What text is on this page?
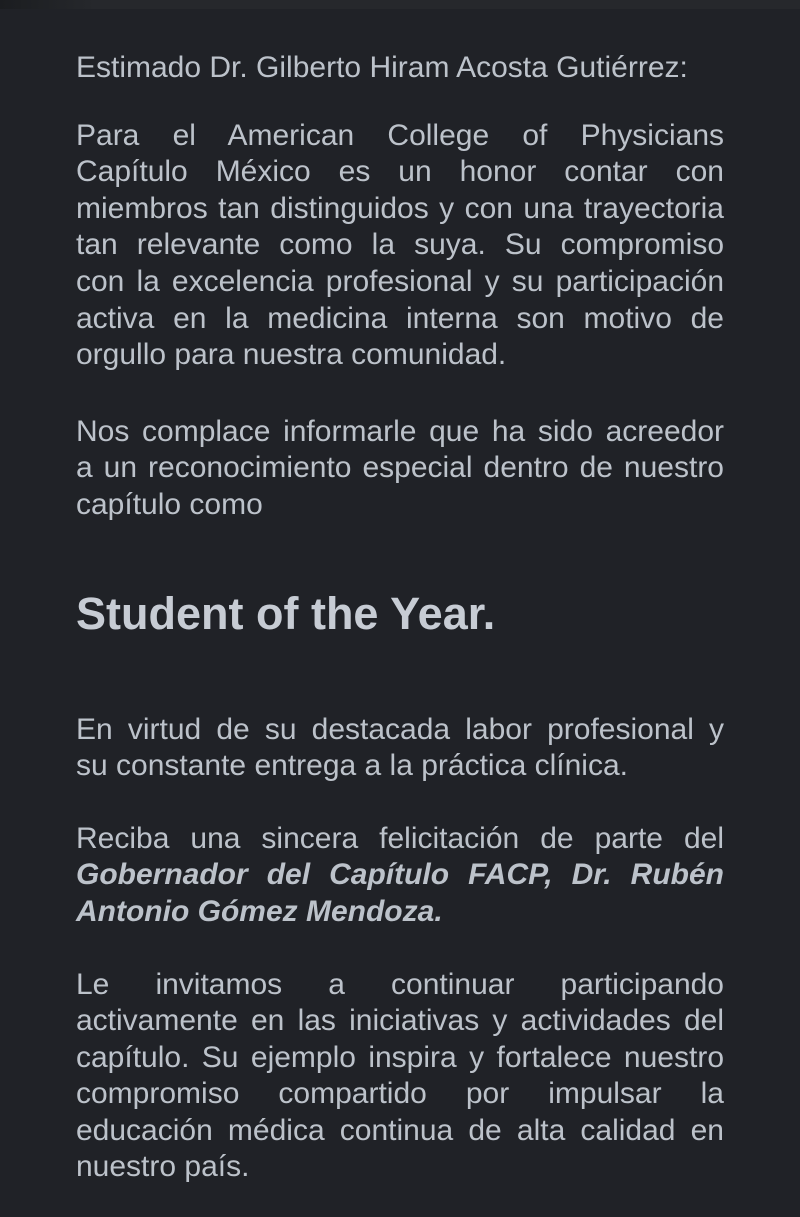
Estimado Dr. Gilberto Hiram Acosta Gutiérrez:

Para el American College of Physicians
Capítulo México es un honor contar con
miembros tan distinguidos y con una trayectoria
tan relevante como la suya. Su compromiso
con la excelencia profesional y su participación
activa en la medicina interna son motivo de
orgullo para nuestra comunidad.
Nos complace informarle que ha sido acreedor
a un reconocimiento especial dentro de nuestro
capítulo como
Student of the Year.
En virtud de su destacada labor profesional y
su constante entrega a la práctica clínica.
Reciba una sincera felicitación de parte del
Gobernador del Capítulo FACP, Dr. Rubén
Antonio Gómez Mendoza.
Le invitamos a continuar participando
activamente en las iniciativas y actividades del
capítulo. Su ejemplo inspira y fortalece nuestro
compromiso compartido por impulsar la
educación médica continua de alta calidad en
nuestro país.
